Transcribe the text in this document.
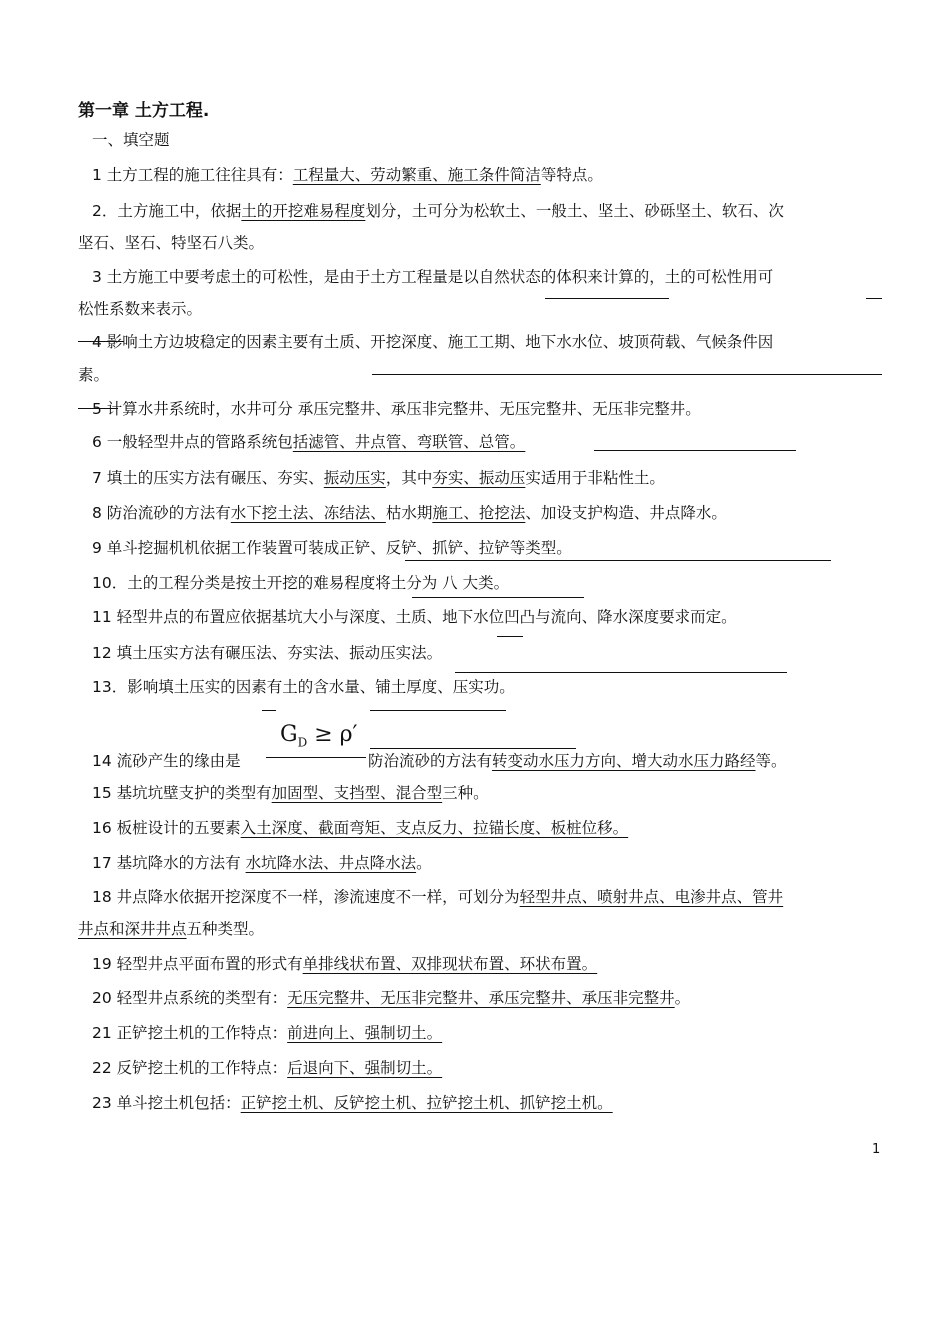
第一章 土方工程.
一、填空题
1 土方工程的施工往往具有：工程量大、劳动繁重、施工条件简洁等特点。
2．土方施工中，依据土的开挖难易程度划分，土可分为松软土、一般土、坚土、砂砾坚土、软石、次
坚石、坚石、特坚石八类。
3 土方施工中要考虑土的可松性，是由于土方工程量是以自然状态的体积来计算的，土的可松性用可
松性系数来表示。
4 影响土方边坡稳定的因素主要有土质、开挖深度、施工工期、地下水水位、坡顶荷载、气候条件因
素。
5 计算水井系统时，水井可分 承压完整井、承压非完整井、无压完整井、无压非完整井。
6 一般轻型井点的管路系统包括滤管、井点管、弯联管、总管。
7 填土的压实方法有碾压、夯实、振动压实，其中夯实、振动压实适用于非粘性土。
8 防治流砂的方法有水下挖土法、冻结法、枯水期施工、抢挖法、加设支护构造、井点降水。
9 单斗挖掘机机依据工作装置可装成正铲、反铲、抓铲、拉铲等类型。
10．土的工程分类是按土开挖的难易程度将土分为 八 大类。
11 轻型井点的布置应依据基坑大小与深度、土质、地下水位凹凸与流向、降水深度要求而定。
12 填土压实方法有碾压法、夯实法、振动压实法。
13．影响填土压实的因素有土的含水量、铺土厚度、压实功。
$G_D \ge \rho'$
14 流砂产生的缘由是	防治流砂的方法有转变动水压力方向、增大动水压力路经等。
15 基坑坑壁支护的类型有加固型、支挡型、混合型三种。
16 板桩设计的五要素入土深度、截面弯矩、支点反力、拉锚长度、板桩位移。
17 基坑降水的方法有 水坑降水法、井点降水法。
18 井点降水依据开挖深度不一样，渗流速度不一样，可划分为轻型井点、喷射井点、电渗井点、管井
井点和深井井点五种类型。
19 轻型井点平面布置的形式有单排线状布置、双排现状布置、环状布置。
20 轻型井点系统的类型有：无压完整井、无压非完整井、承压完整井、承压非完整井。
21 正铲挖土机的工作特点：前进向上、强制切土。
22 反铲挖土机的工作特点：后退向下、强制切土。
23 单斗挖土机包括：正铲挖土机、反铲挖土机、拉铲挖土机、抓铲挖土机。
1
